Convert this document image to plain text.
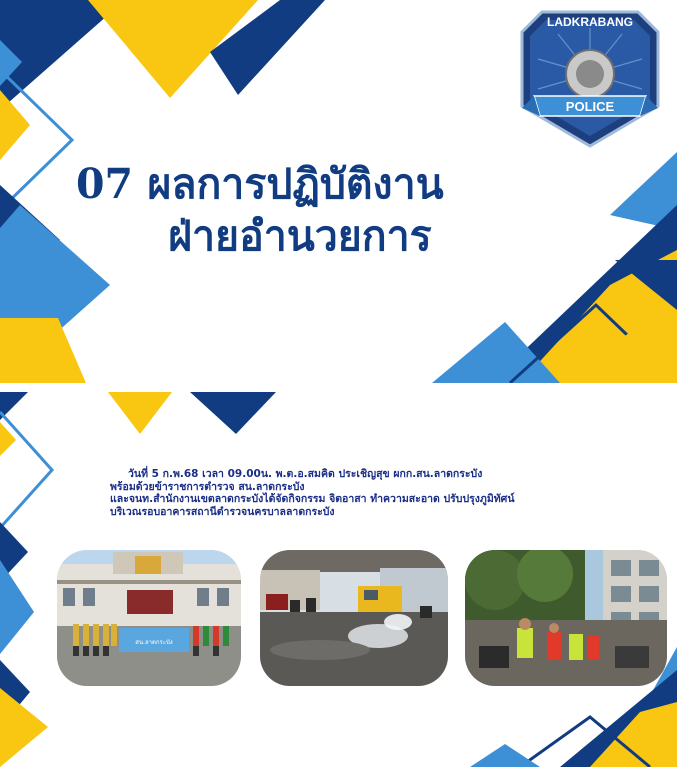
07 ผลการปฏิบัติงาน
ฝ่ายอำนวยการ
LADKRABANG
POLICE
วันที่ 5 ก.พ.68 เวลา 09.00น. พ.ต.อ.สมคิด ประเชิญสุข ผกก.สน.ลาดกระบัง
พร้อมด้วยข้าราชการตำรวจ สน.ลาดกระบัง
และจนท.สำนักงานเขตลาดกระบังได้จัดกิจกรรม จิตอาสา ทำความสะอาด ปรับปรุงภูมิทัศน์
บริเวณรอบอาคารสถานีตำรวจนครบาลลาดกระบัง
สน.ลาดกระบัง
